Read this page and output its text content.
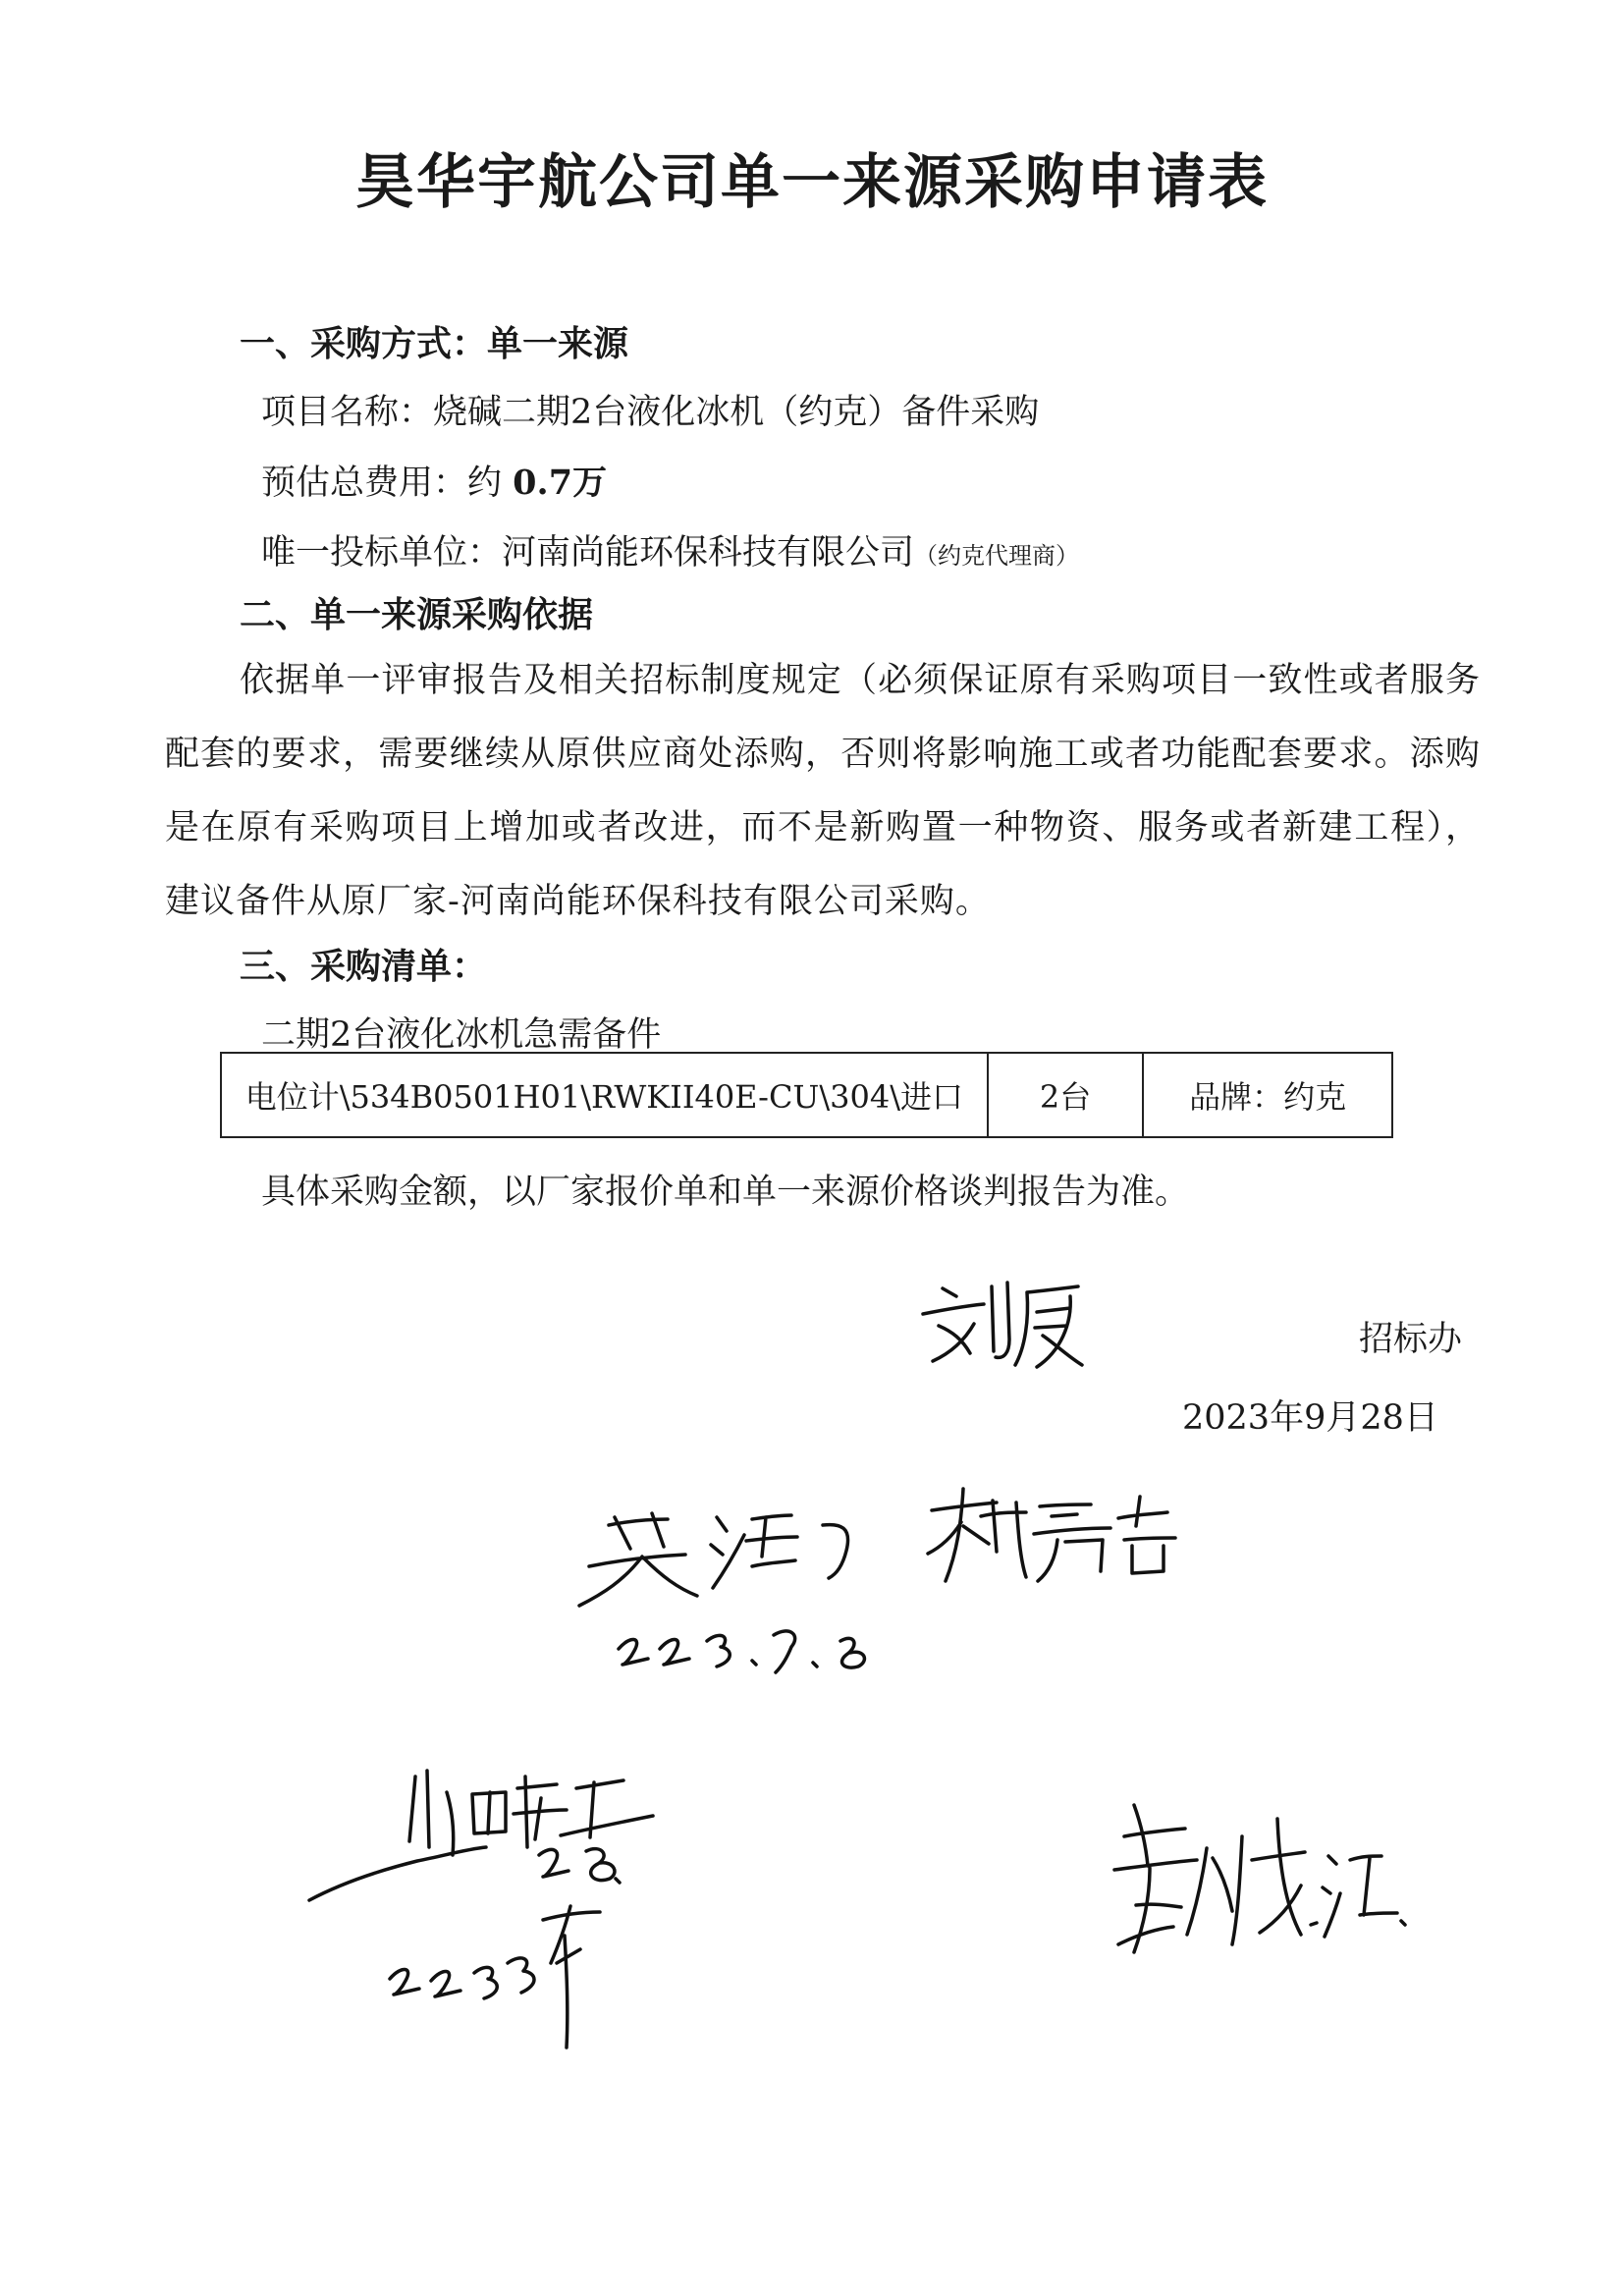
昊华宇航公司单一来源采购申请表
一、采购方式：单一来源
项目名称：烧碱二期2台液化冰机（约克）备件采购
预估总费用：约 0.7万
唯一投标单位：河南尚能环保科技有限公司（约克代理商）
二、单一来源采购依据
依据单一评审报告及相关招标制度规定（必须保证原有采购项目一致性或者服务配套的要求，需要继续从原供应商处添购，否则将影响施工或者功能配套要求。添购是在原有采购项目上增加或者改进，而不是新购置一种物资、服务或者新建工程），建议备件从原厂家-河南尚能环保科技有限公司采购。
三、采购清单：
二期2台液化冰机急需备件
电位计\534B0501H01\RWKII40E-CU\304\进口	2台	品牌：约克
具体采购金额，以厂家报价单和单一来源价格谈判报告为准。
招标办
2023年9月28日
